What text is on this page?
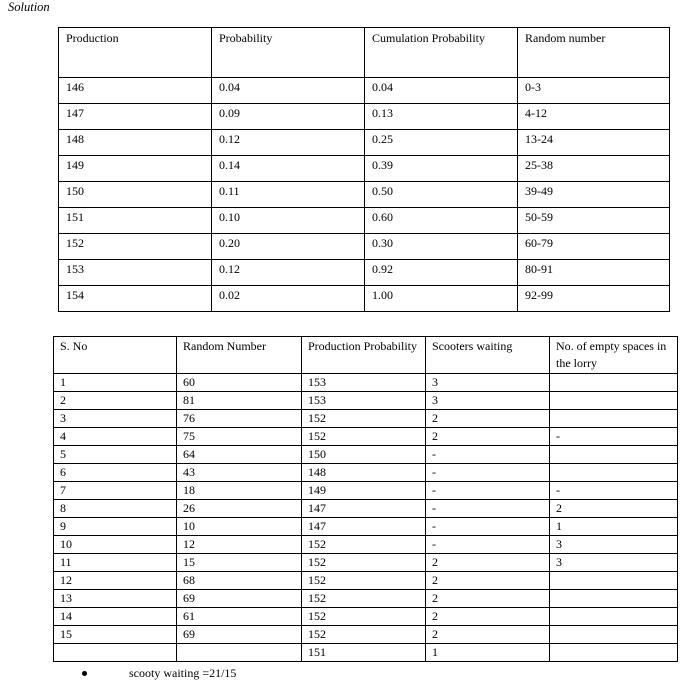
Solution
Production	Probability	Cumulation Probability	Random number
146	0.04	0.04	0-3
147	0.09	0.13	4-12
148	0.12	0.25	13-24
149	0.14	0.39	25-38
150	0.11	0.50	39-49
151	0.10	0.60	50-59
152	0.20	0.30	60-79
153	0.12	0.92	80-91
154	0.02	1.00	92-99
S. No	Random Number	Production Probability	Scooters waiting	No. of empty spaces in the lorry
1	60	153	3	
2	81	153	3	
3	76	152	2	
4	75	152	2	-
5	64	150	-	
6	43	148	-	
7	18	149	-	-
8	26	147	-	2
9	10	147	-	1
10	12	152	-	3
11	15	152	2	3
12	68	152	2	
13	69	152	2	
14	61	152	2	
15	69	152	2	
		151	1	
scooty waiting =21/15
